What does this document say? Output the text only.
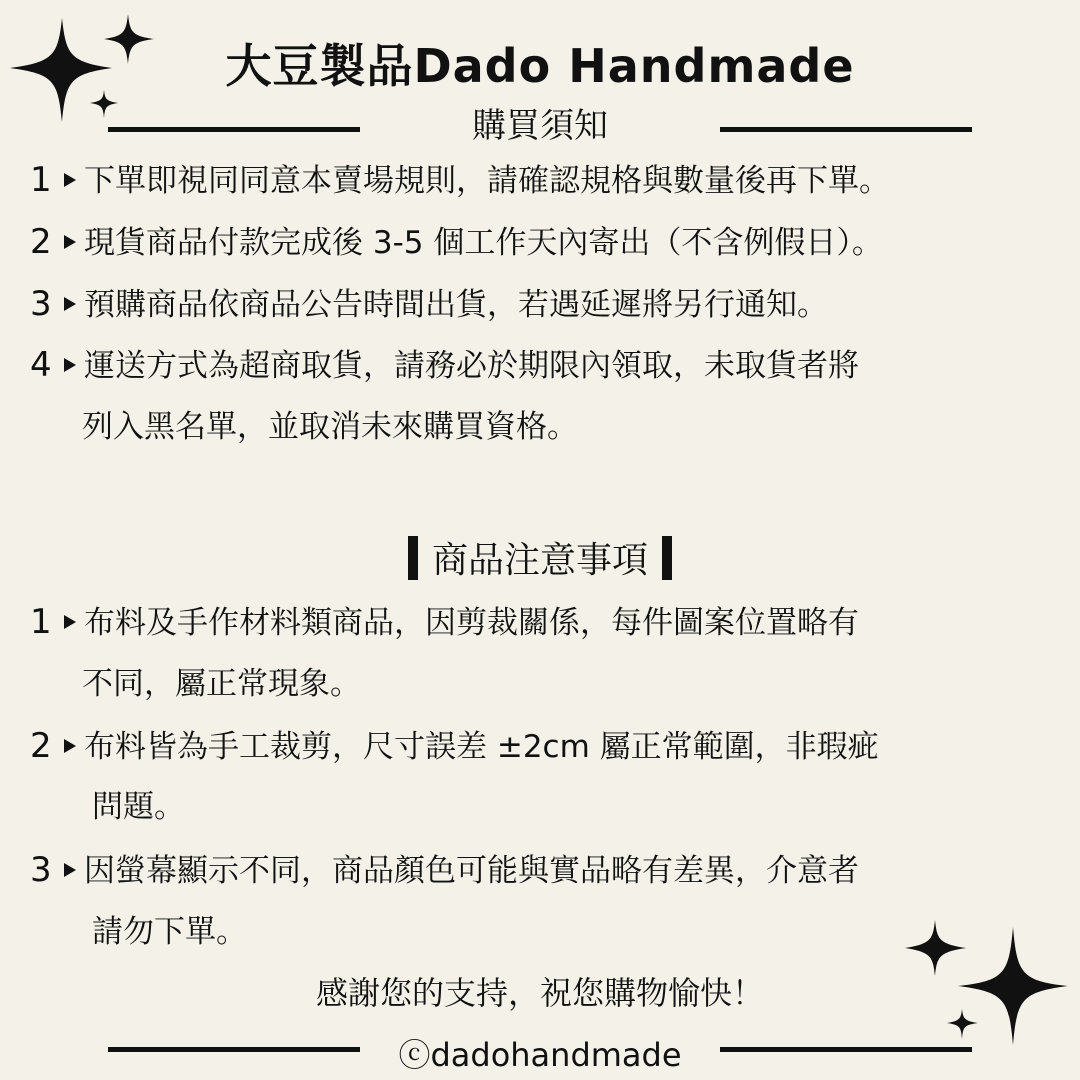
大豆製品Dado Handmade
購買須知
1 下單即視同同意本賣場規則，請確認規格與數量後再下單。
2 現貨商品付款完成後 3-5 個工作天內寄出（不含例假日）。
3 預購商品依商品公告時間出貨，若遇延遲將另行通知。
4 運送方式為超商取貨，請務必於期限內領取，未取貨者將
列入黑名單，並取消未來購買資格。
商品注意事項
1 布料及手作材料類商品，因剪裁關係，每件圖案位置略有
不同，屬正常現象。
2 布料皆為手工裁剪，尺寸誤差 ±2cm 屬正常範圍，非瑕疵
問題。
3 因螢幕顯示不同，商品顏色可能與實品略有差異，介意者
請勿下單。
感謝您的支持，祝您購物愉快！
ⓒdadohandmade
